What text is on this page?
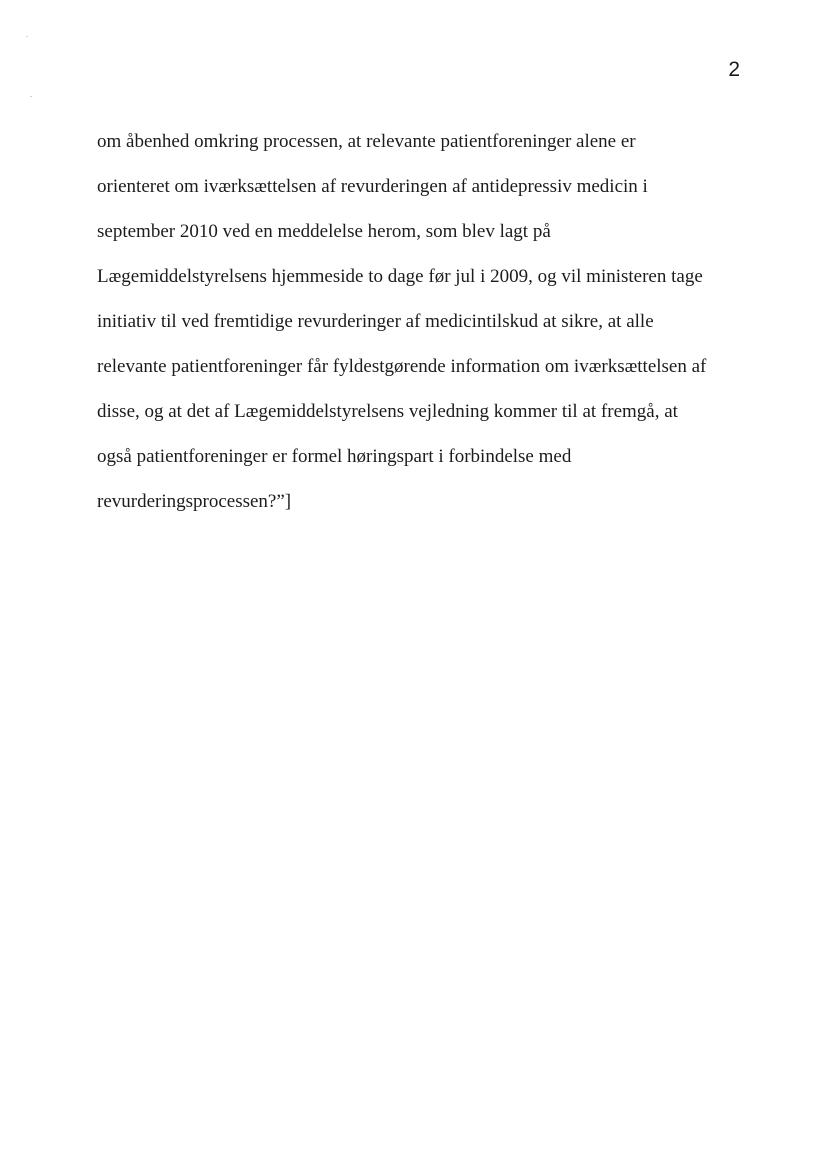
2
om åbenhed omkring processen, at relevante patientforeninger alene er
orienteret om iværksættelsen af revurderingen af antidepressiv medicin i
september 2010 ved en meddelelse herom, som blev lagt på
Lægemiddelstyrelsens hjemmeside to dage før jul i 2009, og vil ministeren tage
initiativ til ved fremtidige revurderinger af medicintilskud at sikre, at alle
relevante patientforeninger får fyldestgørende information om iværksættelsen af
disse, og at det af Lægemiddelstyrelsens vejledning kommer til at fremgå, at
også patientforeninger er formel høringspart i forbindelse med
revurderingsprocessen?”]
